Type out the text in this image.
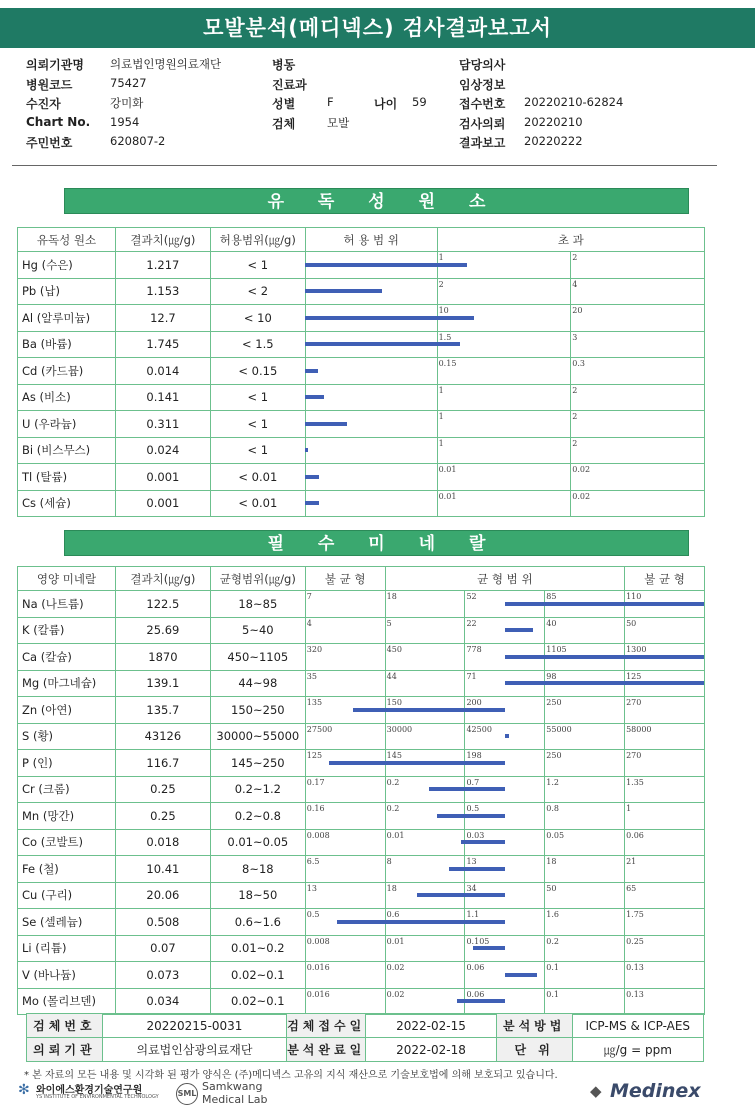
모발분석(메디넥스) 검사결과보고서
의뢰기관명 의료법인명원의료재단	병동	담당의사
병원코드	75427	진료과	임상정보
수진자	강미화	성별	F	나이 59	접수번호 20220210-62824
Chart No. 1954	검체	모발	검사의뢰 20220210
주민번호	620807-2	결과보고 20220222
유 독 성 원 소
유독성 원소	결과치(㎍/g)	허용범위(㎍/g)	허 용 범 위	초 과	
Hg (수은)	1.217	< 1		1	2

Pb (납)	1.153	< 2		2	4

Al (알루미늄)	12.7	< 10		10	20

Ba (바륨)	1.745	< 1.5		1.5	3

Cd (카드뮴)	0.014	< 0.15		0.15	0.3

As (비소)	0.141	< 1		1	2

U (우라늄)	0.311	< 1		1	2

Bi (비스무스)	0.024	< 1		1	2

Tl (탈륨)	0.001	< 0.01		0.01	0.02

Cs (세슘)	0.001	< 0.01		0.01	0.02
필 수 미 네 랄
영양 미네랄	결과치(㎍/g)	균형범위(㎍/g)	불 균 형	균 형 범 위			불 균 형
Na (나트륨)	122.5	18~85	7	18	52	85	110

K (칼륨)	25.69	5~40	4	5	22	40	50

Ca (칼슘)	1870	450~1105	320	450	778	1105	1300

Mg (마그네슘)	139.1	44~98	35	44	71	98	125

Zn (아연)	135.7	150~250	135	150	200	250	270

S (황)	43126	30000~55000	27500	30000	42500	55000	58000

P (인)	116.7	145~250	125	145	198	250	270

Cr (크롬)	0.25	0.2~1.2	0.17	0.2	0.7	1.2	1.35

Mn (망간)	0.25	0.2~0.8	0.16	0.2	0.5	0.8	1

Co (코발트)	0.018	0.01~0.05	0.008	0.01	0.03	0.05	0.06

Fe (철)	10.41	8~18	6.5	8	13	18	21

Cu (구리)	20.06	18~50	13	18	34	50	65

Se (셀레늄)	0.508	0.6~1.6	0.5	0.6	1.1	1.6	1.75

Li (리튬)	0.07	0.01~0.2	0.008	0.01	0.105	0.2	0.25

V (바나듐)	0.073	0.02~0.1	0.016	0.02	0.06	0.1	0.13

Mo (몰리브덴)	0.034	0.02~0.1	0.016	0.02	0.06	0.1	0.13
검체번호	20220215-0031	검체접수일	2022-02-15	분석방법	ICP-MS & ICP-AES
의뢰기관	의료법인삼광의료재단	분석완료일	2022-02-18	단 위	㎍/g = ppm
* 본 자료의 모든 내용 및 시각화 된 평가 양식은 (주)메디넥스 고유의 지식 재산으로 기술보호법에 의해 보호되고 있습니다.
✻ 와이에스환경기술연구원
YS INSTITUTE OF ENVIRONMENTAL TECHNOLOGY SML
Samkwang
Medical Lab	◆ Medinex
